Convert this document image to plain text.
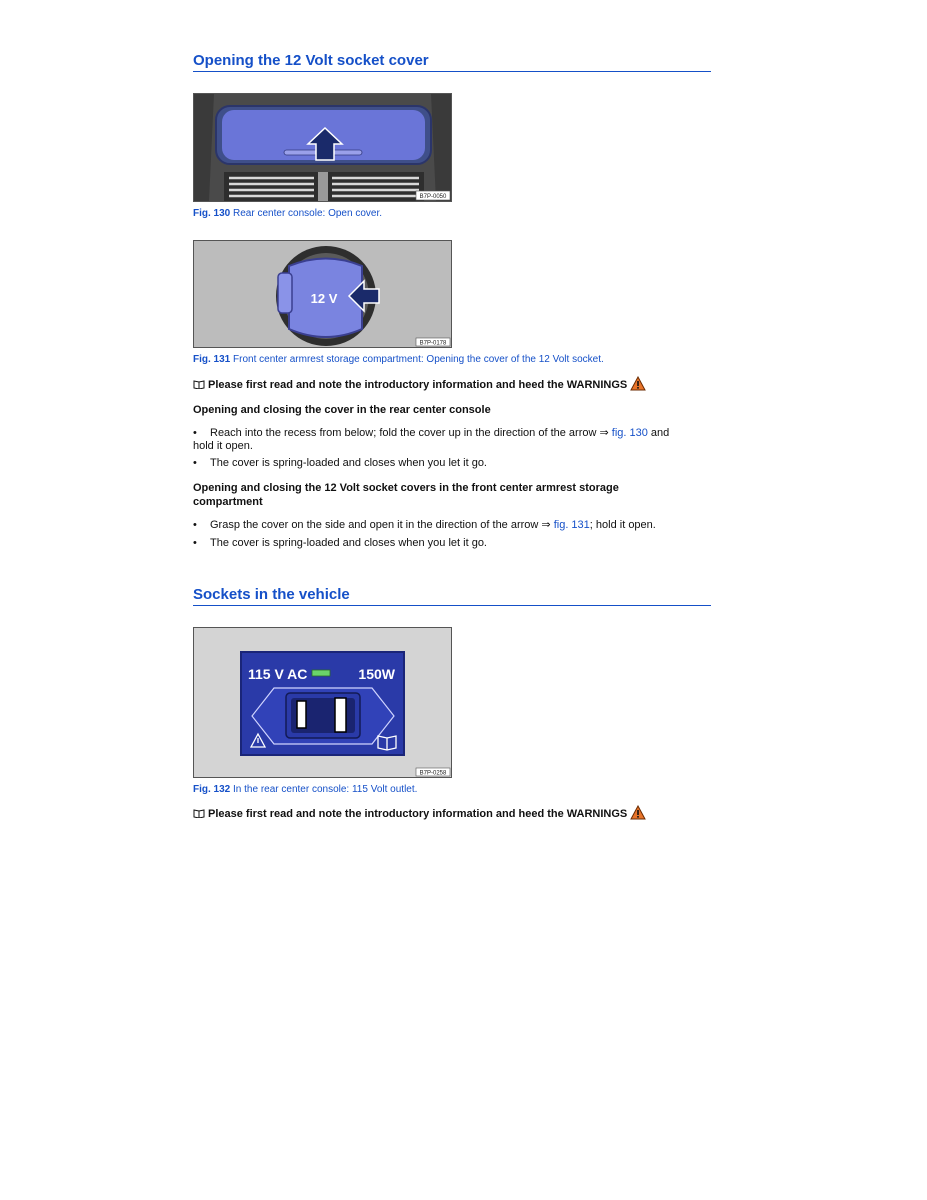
Opening the 12 Volt socket cover
B7P-0050
Fig. 130 Rear center console: Open cover.
12 V
B7P-0178
Fig. 131 Front center armrest storage compartment: Opening the cover of the 12 Volt socket.
Please first read and note the introductory information and heed the WARNINGS
Opening and closing the cover in the rear center console
• Reach into the recess from below; fold the cover up in the direction of the arrow ⇒ fig. 130 and
hold it open.
• The cover is spring-loaded and closes when you let it go.
Opening and closing the 12 Volt socket covers in the front center armrest storage compartment
• Grasp the cover on the side and open it in the direction of the arrow ⇒ fig. 131; hold it open.
• The cover is spring-loaded and closes when you let it go.
Sockets in the vehicle
115 V AC	150W
B7P-0258
Fig. 132 In the rear center console: 115 Volt outlet.
Please first read and note the introductory information and heed the WARNINGS
